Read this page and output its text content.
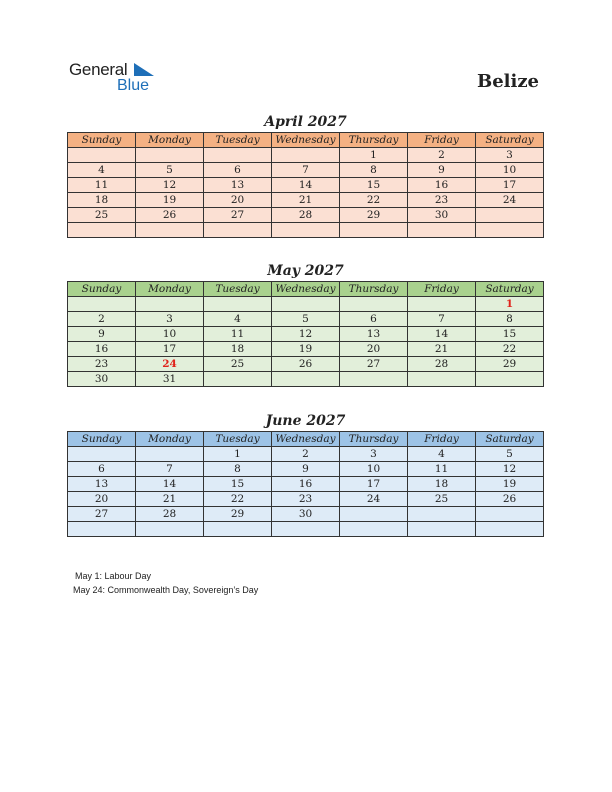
General
Blue	Belize
April 2027
Sunday	Monday	Tuesday	Wednesday	Thursday	Friday	Saturday
				1	2	3
4	5	6	7	8	9	10
11	12	13	14	15	16	17
18	19	20	21	22	23	24
25	26	27	28	29	30	

May 2027
Sunday	Monday	Tuesday	Wednesday	Thursday	Friday	Saturday
						1
2	3	4	5	6	7	8
9	10	11	12	13	14	15
16	17	18	19	20	21	22
23	24	25	26	27	28	29
30	31					
June 2027
Sunday	Monday	Tuesday	Wednesday	Thursday	Friday	Saturday
		1	2	3	4	5
6	7	8	9	10	11	12
13	14	15	16	17	18	19
20	21	22	23	24	25	26
27	28	29	30			

May 1: Labour Day
May 24: Commonwealth Day, Sovereign’s Day
